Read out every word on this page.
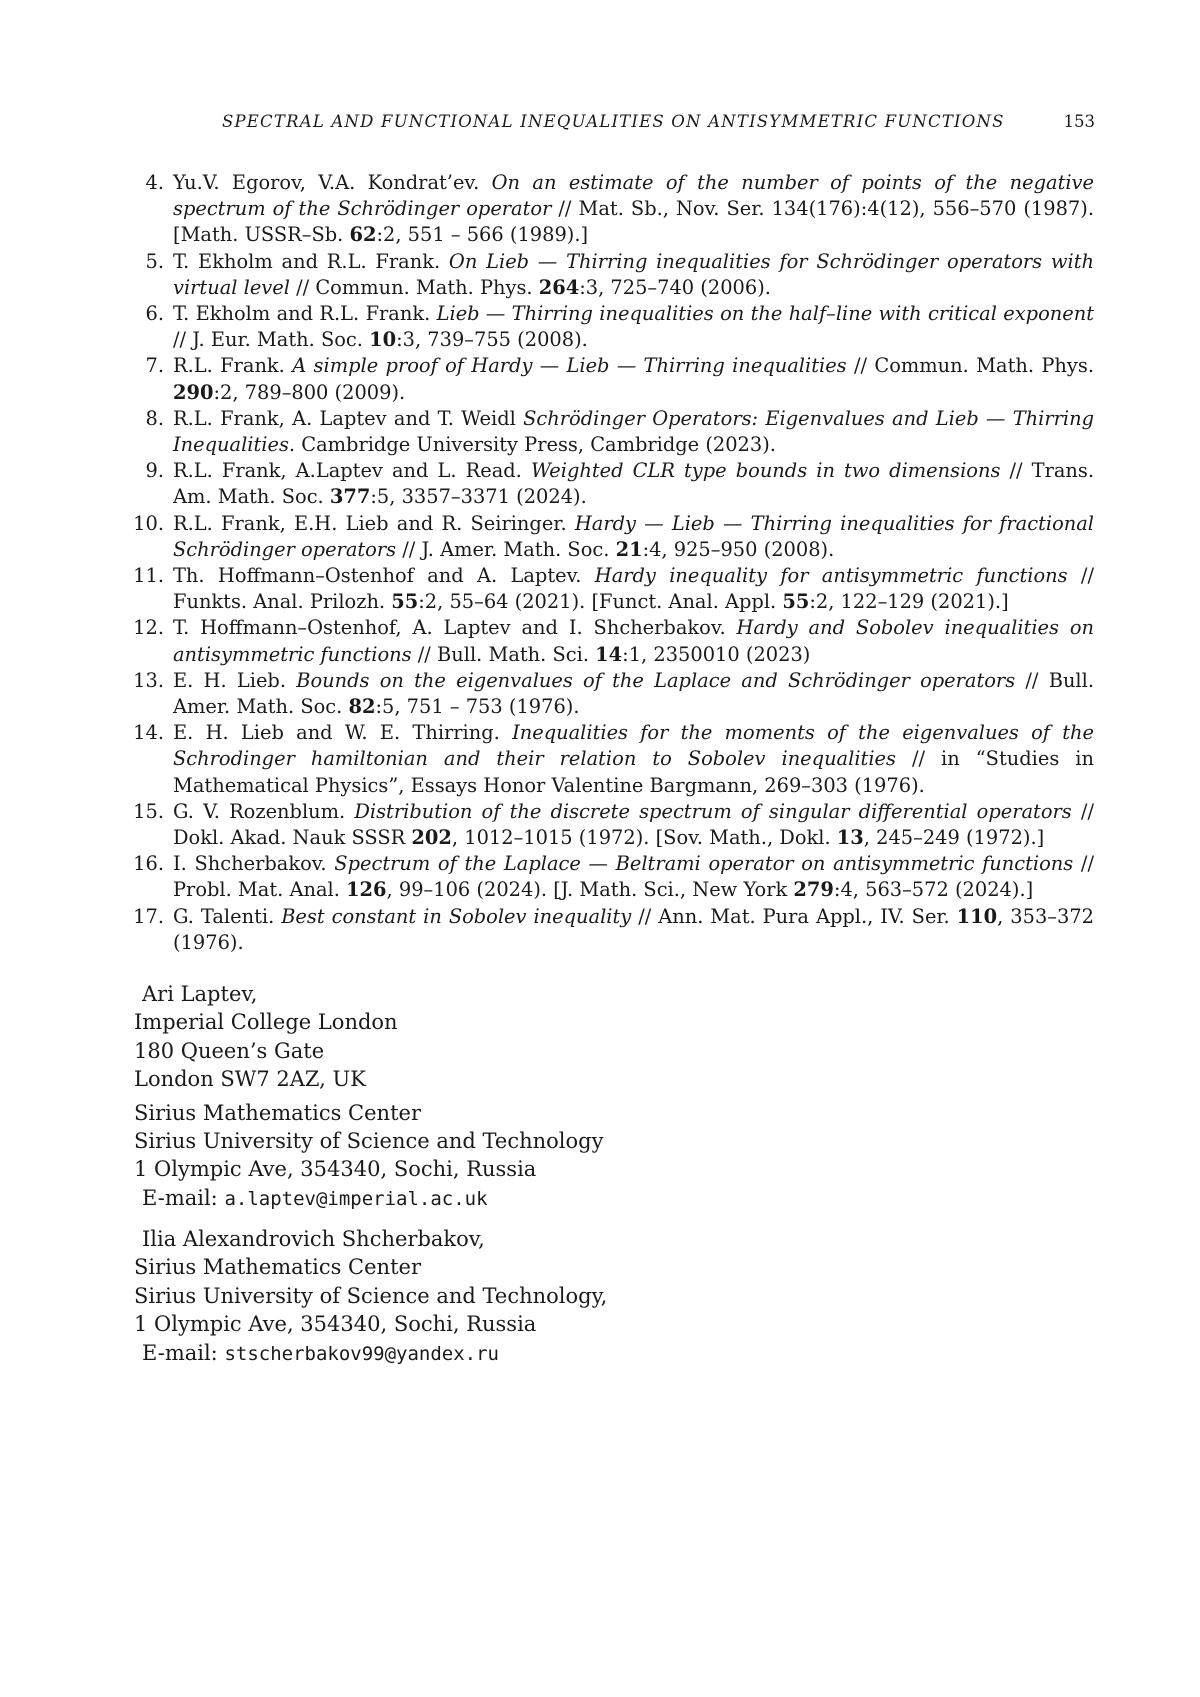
SPECTRAL AND FUNCTIONAL INEQUALITIES ON ANTISYMMETRIC FUNCTIONS	153
4. Yu.V. Egorov, V.A. Kondrat’ev. On an estimate of the number of points of the negative spectrum of the Schrödinger operator // Mat. Sb., Nov. Ser. 134(176):4(12), 556–570 (1987). [Math. USSR–Sb. 62:2, 551 – 566 (1989).]
5. T. Ekholm and R.L. Frank. On Lieb — Thirring inequalities for Schrödinger operators with virtual level // Commun. Math. Phys. 264:3, 725–740 (2006).
6. T. Ekholm and R.L. Frank. Lieb — Thirring inequalities on the half–line with critical exponent // J. Eur. Math. Soc. 10:3, 739–755 (2008).
7. R.L. Frank. A simple proof of Hardy — Lieb — Thirring inequalities // Commun. Math. Phys. 290:2, 789–800 (2009).
8. R.L. Frank, A. Laptev and T. Weidl Schrödinger Operators: Eigenvalues and Lieb — Thirring Inequalities. Cambridge University Press, Cambridge (2023).
9. R.L. Frank, A.Laptev and L. Read. Weighted CLR type bounds in two dimensions // Trans. Am. Math. Soc. 377:5, 3357–3371 (2024).
10. R.L. Frank, E.H. Lieb and R. Seiringer. Hardy — Lieb — Thirring inequalities for fractional Schrödinger operators // J. Amer. Math. Soc. 21:4, 925–950 (2008).
11. Th. Hoffmann–Ostenhof and A. Laptev. Hardy inequality for antisymmetric functions // Funkts. Anal. Prilozh. 55:2, 55–64 (2021). [Funct. Anal. Appl. 55:2, 122–129 (2021).]
12. T. Hoffmann–Ostenhof, A. Laptev and I. Shcherbakov. Hardy and Sobolev inequalities on antisymmetric functions // Bull. Math. Sci. 14:1, 2350010 (2023)
13. E. H. Lieb. Bounds on the eigenvalues of the Laplace and Schrödinger operators // Bull. Amer. Math. Soc. 82:5, 751 – 753 (1976).
14. E. H. Lieb and W. E. Thirring. Inequalities for the moments of the eigenvalues of the Schrodinger hamiltonian and their relation to Sobolev inequalities // in “Studies in Mathematical Physics”, Essays Honor Valentine Bargmann, 269–303 (1976).
15. G. V. Rozenblum. Distribution of the discrete spectrum of singular differential operators // Dokl. Akad. Nauk SSSR 202, 1012–1015 (1972). [Sov. Math., Dokl. 13, 245–249 (1972).]
16. I. Shcherbakov. Spectrum of the Laplace — Beltrami operator on antisymmetric functions // Probl. Mat. Anal. 126, 99–106 (2024). [J. Math. Sci., New York 279:4, 563–572 (2024).]
17. G. Talenti. Best constant in Sobolev inequality // Ann. Mat. Pura Appl., IV. Ser. 110, 353–372 (1976).
Ari Laptev,
Imperial College London
180 Queen’s Gate
London SW7 2AZ, UK
Sirius Mathematics Center
Sirius University of Science and Technology
1 Olympic Ave, 354340, Sochi, Russia
E-mail: a.laptev@imperial.ac.uk
Ilia Alexandrovich Shcherbakov,
Sirius Mathematics Center
Sirius University of Science and Technology,
1 Olympic Ave, 354340, Sochi, Russia
E-mail: stscherbakov99@yandex.ru
